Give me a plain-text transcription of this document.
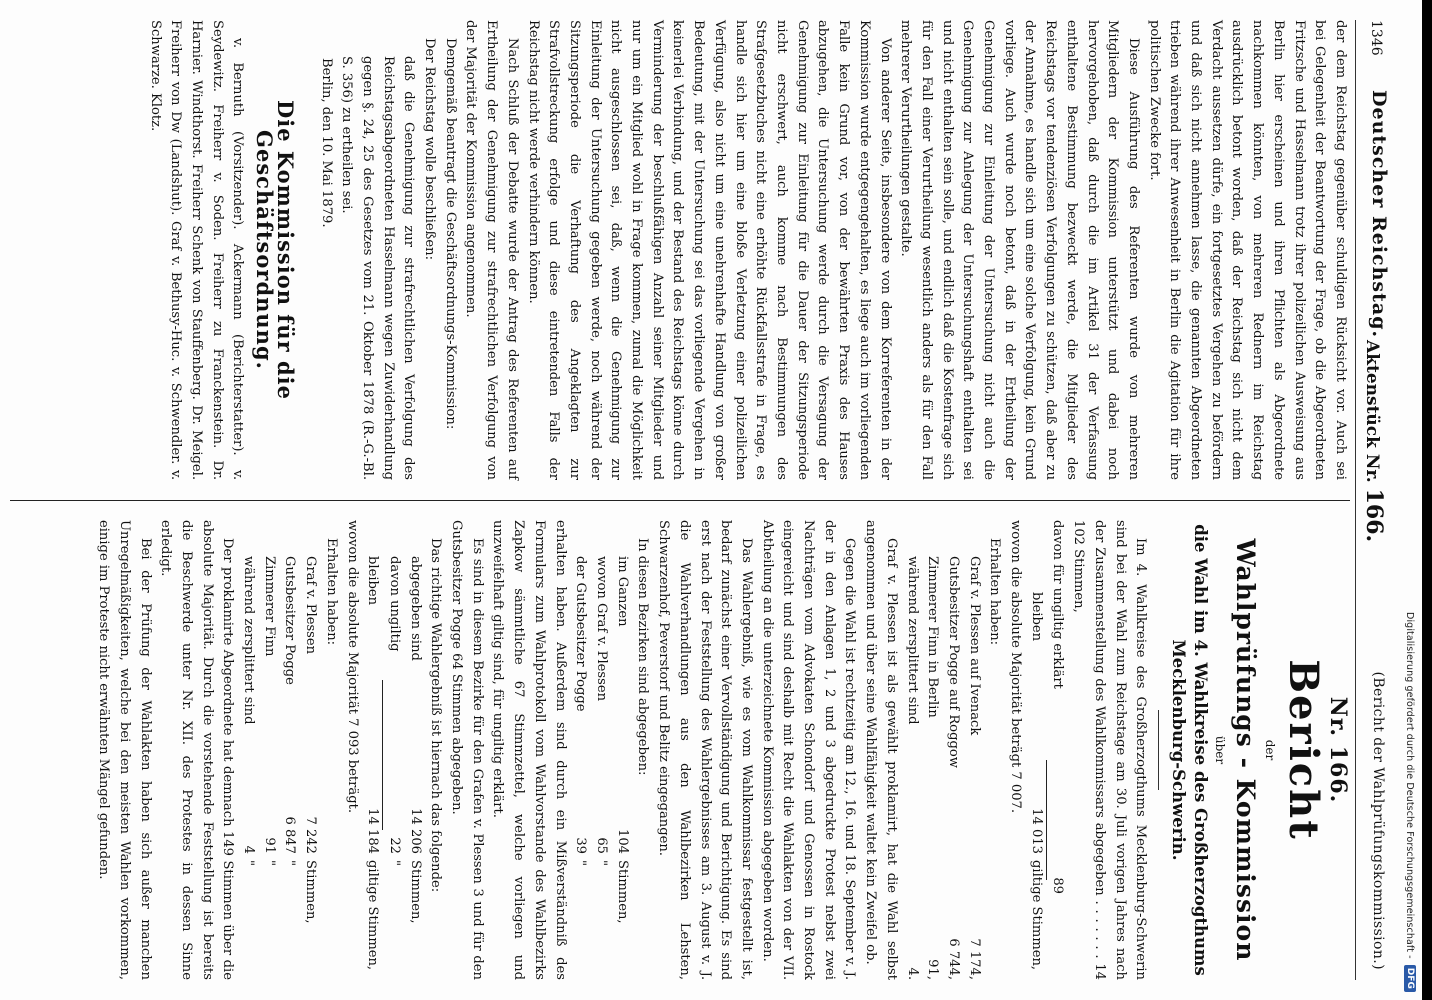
Digitalisierung gefördert durch die Deutsche Forschungsgemeinschaft -
DFG
1346
Deutscher Reichstag.
Aktenstück Nr. 166.
(Bericht der Wahlprüfungskommission.)

der dem Reichstag gegenüber schuldigen Rücksicht vor. Auch sei bei Gelegenheit der Beantwortung der Frage, ob die Abgeordneten Fritzsche und Hasselmann trotz ihrer polizeilichen Ausweisung aus Berlin hier erscheinen und ihren Pflichten als Abgeordnete nachkommen könnten, von mehreren Rednern im Reichstag ausdrücklich betont worden, daß der Reichstag sich nicht dem Verdacht aussetzen dürfe, ein fortgesetztes Vergehen zu befördern und daß sich nicht annehmen lasse, die genannten Abgeordneten trieben während ihrer Anwesenheit in Berlin die Agitation für ihre politischen Zwecke fort.

Diese Ausführung des Referenten wurde von mehreren Mitgliedern der Kommission unterstützt und dabei noch hervorgehoben, daß durch die im Artikel 31 der Verfassung enthaltene Bestimmung bezweckt werde, die Mitglieder des Reichstags vor tendenziösen Verfolgungen zu schützen, daß aber zu der Annahme, es handle sich um eine solche Verfolgung, kein Grund vorliege. Auch wurde noch betont, daß in der Ertheilung der Genehmigung zur Einleitung der Untersuchung nicht auch die Genehmigung zur Anlegung der Untersuchungshaft enthalten sei und nicht enthalten sein solle, und endlich daß die Kostenfrage sich für den Fall einer Verurtheilung wesentlich anders als für den Fall mehrerer Verurtheilungen gestalte.

Von anderer Seite, insbesondere von dem Korreferenten in der Kommission wurde entgegengehalten, es liege auch im vorliegenden Falle kein Grund vor, von der bewährten Praxis des Hauses abzugehen, die Untersuchung werde durch die Versagung der Genehmigung zur Einleitung für die Dauer der Sitzungsperiode nicht erschwert, auch komme nach Bestimmungen des Strafgesetzbuches nicht eine erhöhte Rückfallsstrafe in Frage, es handle sich hier um eine bloße Verletzung einer polizeilichen Verfügung, also nicht um eine unehrenhafte Handlung von großer Bedeutung, mit der Untersuchung sei das vorliegende Vergehen in keinerlei Verbindung, und der Bestand des Reichstags könne durch Verminderung der beschlußfähigen Anzahl seiner Mitglieder und nur um ein Mitglied wohl in Frage kommen, zumal die Möglichkeit nicht ausgeschlossen sei, daß, wenn die Genehmigung zur Einleitung der Untersuchung gegeben werde, noch während der Sitzungsperiode die Verhaftung des Angeklagten zur Strafvollstreckung erfolge und diese eintretenden Falls der Reichstag nicht werde verhindern können.

Nach Schluß der Debatte wurde der Antrag des Referenten auf Ertheilung der Genehmigung zur strafrechtlichen Verfolgung von der Majorität der Kommission angenommen.

Demgemäß beantragt die Geschäftsordnungs-Kommission:

Der Reichstag wolle beschließen:

daß die Genehmigung zur strafrechtlichen Verfolgung des Reichstagsabgeordneten Hasselmann wegen Zuwiderhandlung gegen §. 24, 25 des Gesetzes vom 21. Oktober 1878 (R.-G.-Bl. S. 356) zu ertheilen sei.

Berlin, den 10. Mai 1879.

Die Kommission für die Geschäftsordnung.

v. Bernuth (Vorsitzender). Ackermann (Berichterstatter). v. Seydewitz. Freiherr v. Soden. Freiherr zu Franckenstein. Dr. Harnier. Windthorst. Freiherr Schenk von Stauffenberg. Dr. Meigel. Freiherr von Dw (Landshut). Graf v. Bethusy-Huc. v. Schwendler. v. Schwarze. Klotz.

Nr. 166.
Bericht
der
Wahlprüfungs - Kommission
über
die Wahl im 4. Wahlkreise des Großherzogthums Mecklenburg-Schwerin.

Im 4. Wahlkreise des Großherzogthums Mecklenburg-Schwerin sind bei der Wahl zum Reichstage am 30. Juli vorigen Jahres nach der Zusammenstellung des Wahlkommissars abgegeben . . . . . . . 14 102 Stimmen,

davon für ungiltig erklärt
89
bleiben
14 013
giltige Stimmen,

wovon die absolute Majorität beträgt 7 007.

Erhalten haben:

Graf v. Plessen auf Ivenack
7 174,
Gutsbesitzer Pogge auf Roggow
6 744,
Zimmerer Finn in Berlin
91,
während zersplittert sind
4.

Graf v. Plessen ist als gewählt proklamirt, hat die Wahl selbst angenommen und über seine Wahlfähigkeit waltet kein Zweifel ob.

Gegen die Wahl ist rechtzeitig am 12., 16. und 18. September v. J. der in den Anlagen 1, 2 und 3 abgedruckte Protest nebst zwei Nachträgen vom Advokaten Schondorf und Genossen in Rostock eingereicht und sind deshalb mit Recht die Wahlakten von der VII. Abtheilung an die unterzeichnete Kommission abgegeben worden.

Das Wahlergebniß, wie es vom Wahlkommissar festgestellt ist, bedarf zunächst einer Vervollständigung und Berichtigung. Es sind erst nach der Feststellung des Wahlergebnisses am 3. August v. J. die Wahlverhandlungen aus den Wahlbezirken Lehsten, Schwarzenhof, Peverstorf und Belitz eingegangen.

In diesen Bezirken sind abgegeben:

im Ganzen
104
Stimmen,
wovon Graf v. Plessen
65
"
der Gutsbesitzer Pogge
39
"

erhalten haben. Außerdem sind durch ein Mißverständniß des Formulars zum Wahlprotokoll vom Wahlvorstande des Wahlbezirks Zapkow sämmtliche 67 Stimmzettel, welche vorliegen und unzweifelhaft giltig sind, für ungiltig erklärt.

Es sind in diesem Bezirke für den Grafen v. Plessen 3 und für den Gutsbesitzer Pogge 64 Stimmen abgegeben.

Das richtige Wahlergebniß ist hiernach das folgende:

abgegeben sind
14 206
Stimmen,
davon ungiltig
22
"
bleiben
14 184
giltige Stimmen,

wovon die absolute Majorität 7 093 beträgt.

Erhalten haben:

Graf v. Plessen
7 242
Stimmen,
Gutsbesitzer Pogge
6 847
"
Zimmerer Finn
91
"
während zersplittert sind
4
"

Der proklamirte Abgeordnete hat demnach 149 Stimmen über die absolute Majorität. Durch die vorstehende Feststellung ist bereits die Beschwerde unter Nr. XII. des Protestes in dessen Sinne erledigt.

Bei der Prüfung der Wahlakten haben sich außer manchen Unregelmäßigkeiten, welche bei den meisten Wahlen vorkommen, einige im Proteste nicht erwähnten Mängel gefunden.
